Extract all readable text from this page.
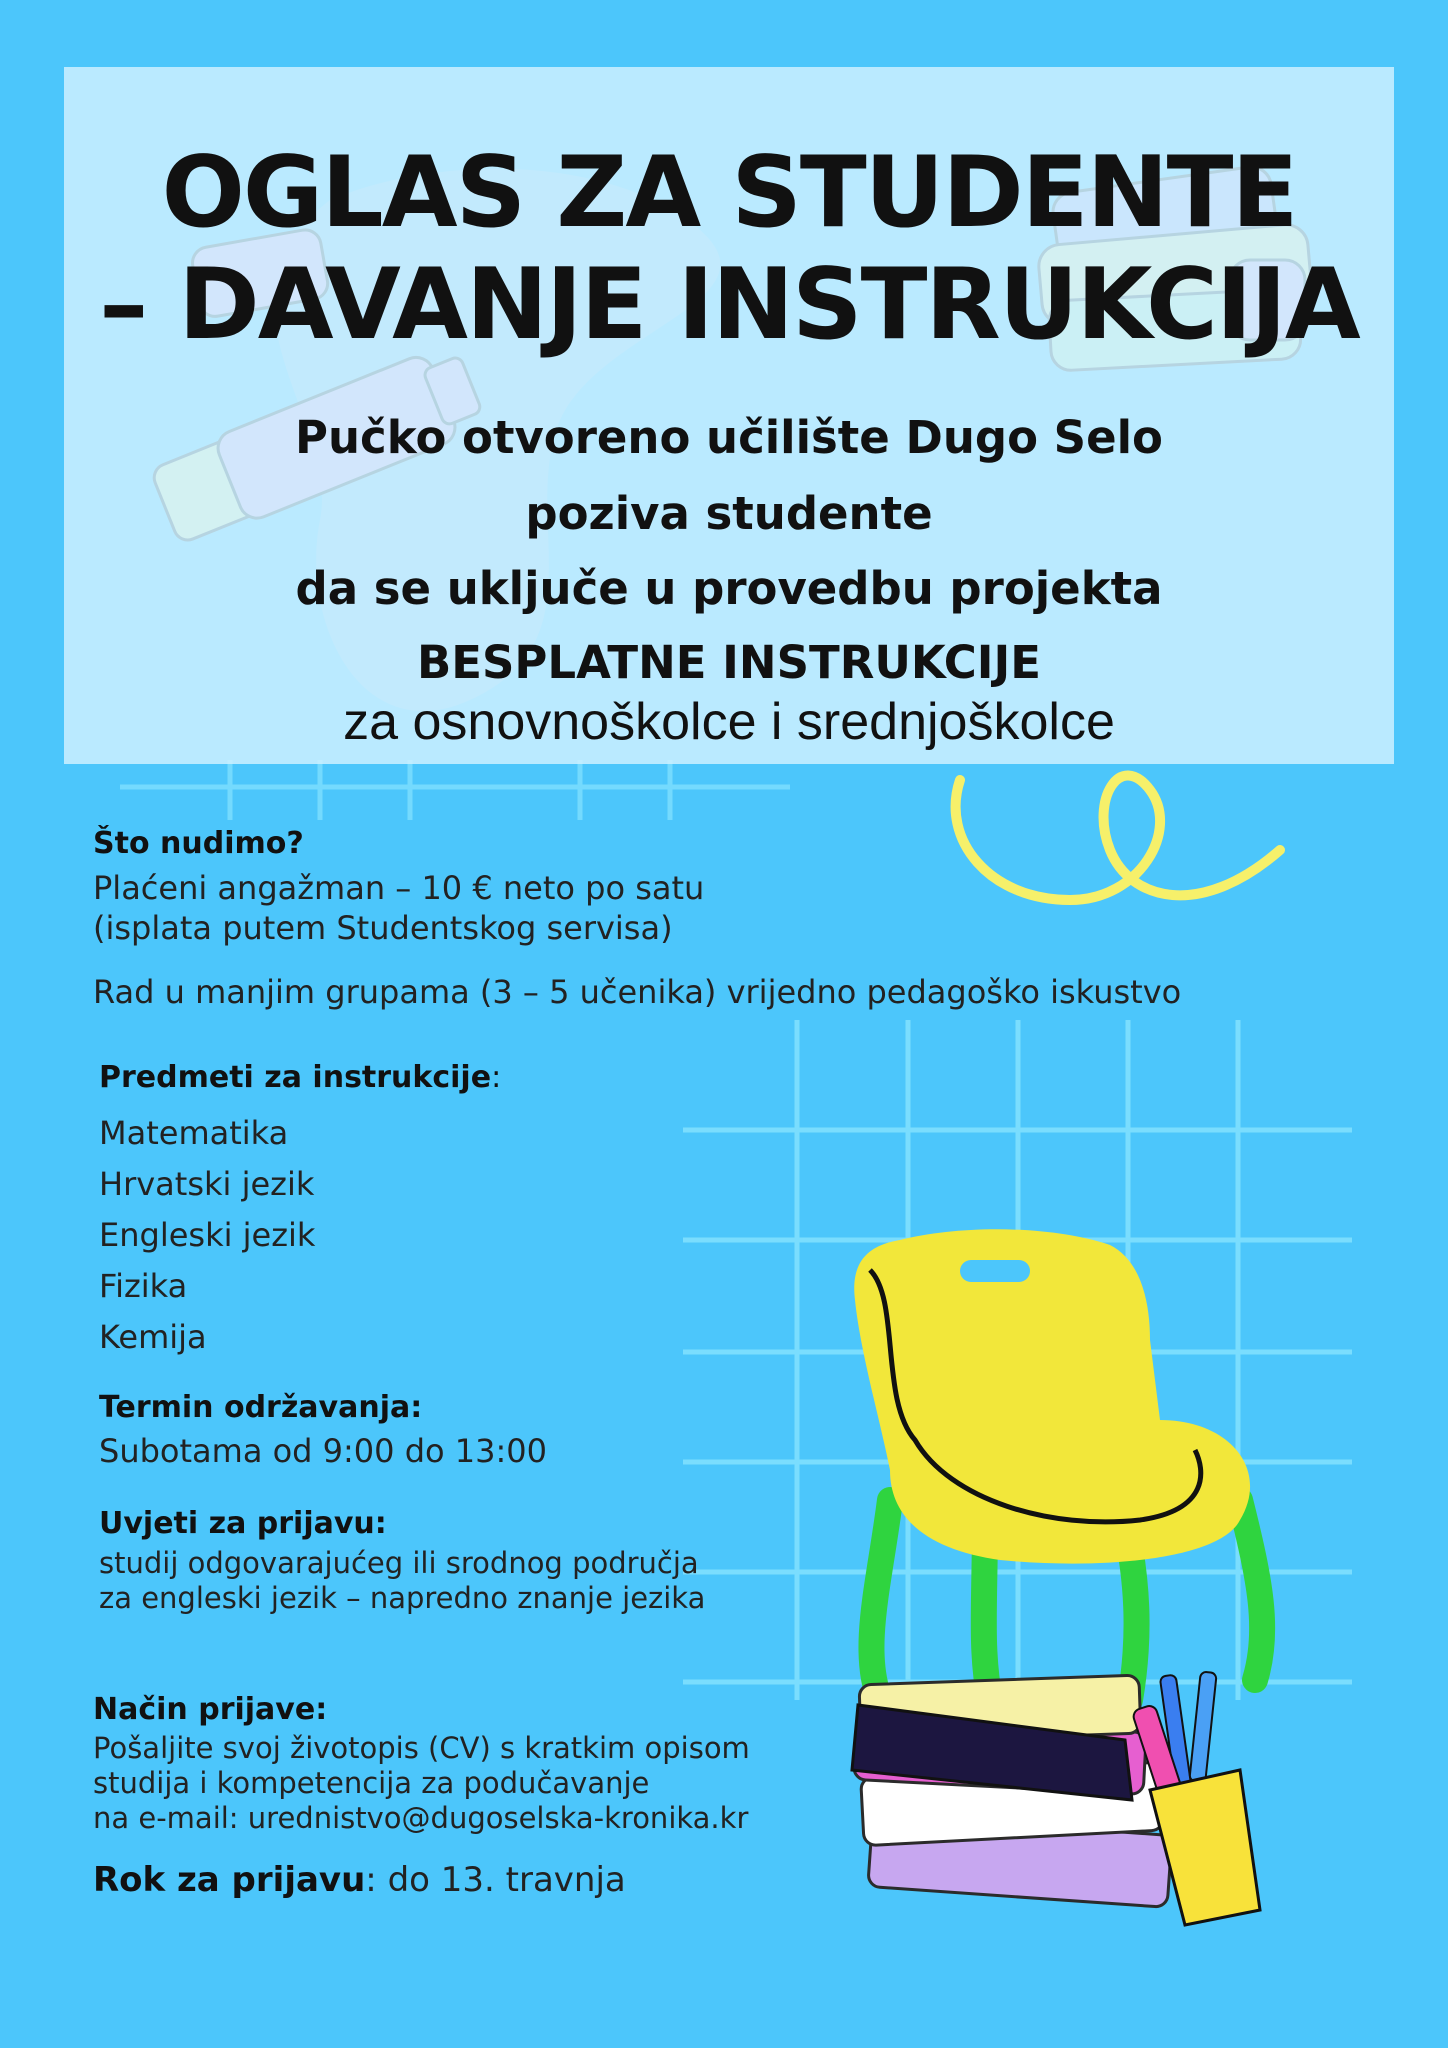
OGLAS ZA STUDENTE
– DAVANJE INSTRUKCIJA

Pučko otvoreno učilište Dugo Selo

poziva studente

da se uključe u provedbu projekta

BESPLATNE INSTRUKCIJE

za osnovnoškolce i srednjoškolce

Što nudimo?
Plaćeni angažman – 10 € neto po satu
(isplata putem Studentskog servisa)
Rad u manjim grupama (3 – 5 učenika) vrijedno pedagoško iskustvo
Predmeti za instrukcije:
Matematika
Hrvatski jezik
Engleski jezik
Fizika
Kemija
Termin održavanja:
Subotama od 9:00 do 13:00
Uvjeti za prijavu:
studij odgovarajućeg ili srodnog područja
za engleski jezik – napredno znanje jezika
Način prijave:
Pošaljite svoj životopis (CV) s kratkim opisom
studija i kompetencija za podučavanje
na e-mail: urednistvo@dugoselska-kronika.kr
Rok za prijavu: do 13. travnja
